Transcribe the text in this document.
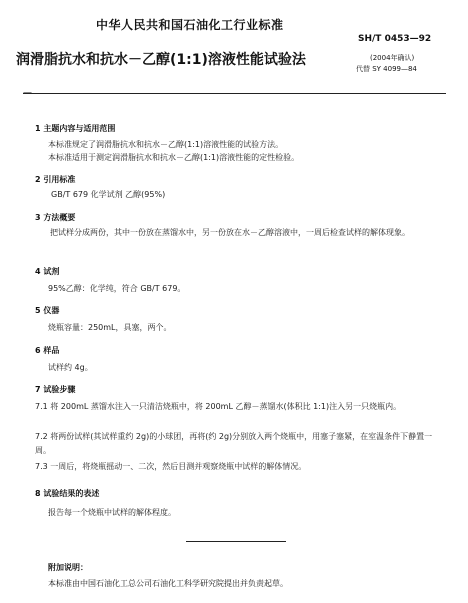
中华人民共和国石油化工行业标准
SH/T 0453—92
(2004年确认)
代替 SY 4099—84
润滑脂抗水和抗水－乙醇(1:1)溶液性能试验法
—
1 主题内容与适用范围
本标准规定了润滑脂抗水和抗水－乙醇(1:1)溶液性能的试验方法。
本标准适用于测定润滑脂抗水和抗水－乙醇(1:1)溶液性能的定性检验。
2 引用标准
GB/T 679 化学试剂 乙醇(95%)
3 方法概要
把试样分成两份，其中一份放在蒸馏水中，另一份放在水－乙醇溶液中，一周后检查试样的解体现象。
4 试剂
95%乙醇：化学纯，符合 GB/T 679。
5 仪器
烧瓶容量：250mL，具塞，两个。
6 样品
试样约 4g。
7 试验步骤
7.1 将 200mL 蒸馏水注入一只清洁烧瓶中，将 200mL 乙醇－蒸馏水(体积比 1:1)注入另一只烧瓶内。
7.2 将两份试样(其试样重约 2g)的小球团，再将(约 2g)分别放入两个烧瓶中，用塞子塞紧，在室温条件下静置一周。
7.3 一周后，将烧瓶摇动一、二次，然后目测并观察烧瓶中试样的解体情况。
8 试验结果的表述
报告每一个烧瓶中试样的解体程度。
附加说明：
本标准由中国石油化工总公司石油化工科学研究院提出并负责起草。
